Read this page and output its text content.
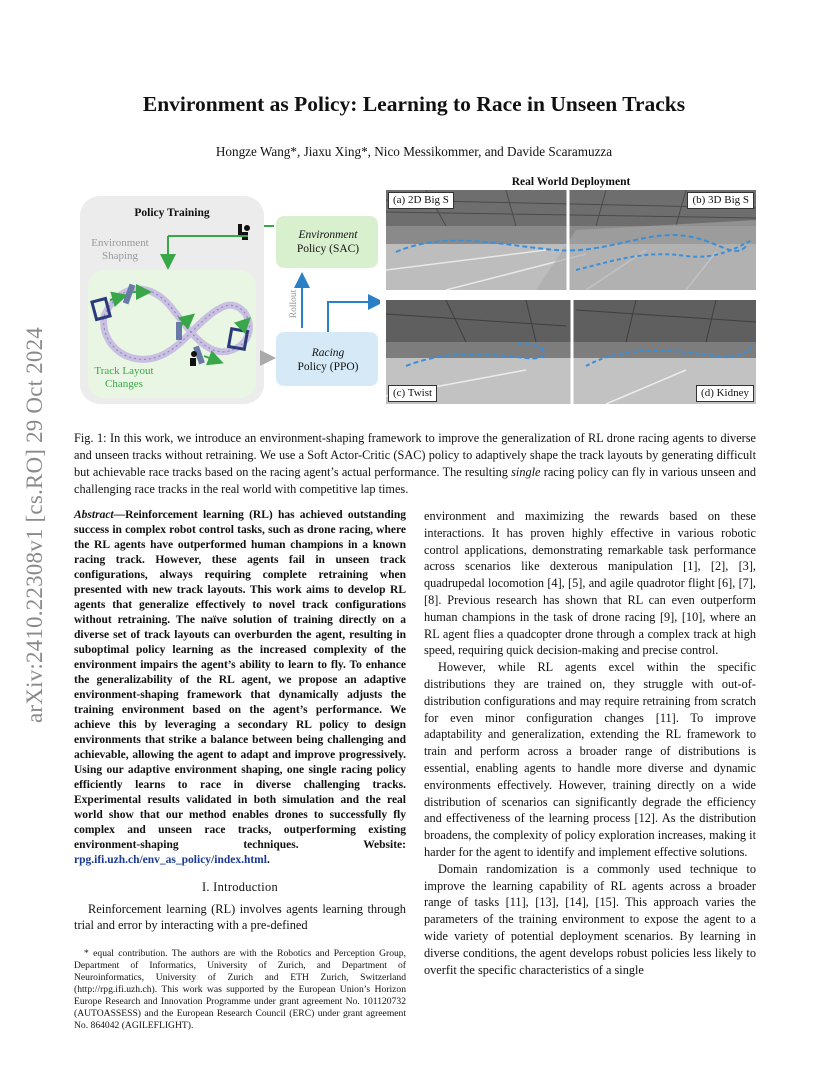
arXiv:2410.22308v1 [cs.RO] 29 Oct 2024
Environment as Policy: Learning to Race in Unseen Tracks
Hongze Wang*, Jiaxu Xing*, Nico Messikommer, and Davide Scaramuzza
Policy Training
Environment
Shaping
Environment
Policy (SAC)
Racing
Policy (PPO)
Track Layout
Changes
Rollout
Real World Deployment
(a) 2D Big S	(b) 3D Big S
(c) Twist	(d) Kidney
Fig. 1: In this work, we introduce an environment-shaping framework to improve the generalization of RL drone racing agents to diverse and unseen tracks without retraining. We use a Soft Actor-Critic (SAC) policy to adaptively shape the track layouts by generating difficult but achievable race tracks based on the racing agent’s actual performance. The resulting single racing policy can fly in various unseen and challenging race tracks in the real world with competitive lap times.
Abstract—Reinforcement learning (RL) has achieved outstanding success in complex robot control tasks, such as drone racing, where the RL agents have outperformed human champions in a known racing track. However, these agents fail in unseen track configurations, always requiring complete retraining when presented with new track layouts. This work aims to develop RL agents that generalize effectively to novel track configurations without retraining. The naïve solution of training directly on a diverse set of track layouts can overburden the agent, resulting in suboptimal policy learning as the increased complexity of the environment impairs the agent’s ability to learn to fly. To enhance the generalizability of the RL agent, we propose an adaptive environment-shaping framework that dynamically adjusts the training environment based on the agent’s performance. We achieve this by leveraging a secondary RL policy to design environments that strike a balance between being challenging and achievable, allowing the agent to adapt and improve progressively. Using our adaptive environment shaping, one single racing policy efficiently learns to race in diverse challenging tracks. Experimental results validated in both simulation and the real world show that our method enables drones to successfully fly complex and unseen race tracks, outperforming existing environment-shaping techniques. Website: rpg.ifi.uzh.ch/env_as_policy/index.html.
I. Introduction

Reinforcement learning (RL) involves agents learning through trial and error by interacting with a pre-defined

* equal contribution. The authors are with the Robotics and Perception Group, Department of Informatics, University of Zurich, and Department of Neuroinformatics, University of Zurich and ETH Zurich, Switzerland (http://rpg.ifi.uzh.ch). This work was supported by the European Union’s Horizon Europe Research and Innovation Programme under grant agreement No. 101120732 (AUTOASSESS) and the European Research Council (ERC) under grant agreement No. 864042 (AGILEFLIGHT).

environment and maximizing the rewards based on these interactions. It has proven highly effective in various robotic control applications, demonstrating remarkable task performance across scenarios like dexterous manipulation [1], [2], [3], quadrupedal locomotion [4], [5], and agile quadrotor flight [6], [7], [8]. Previous research has shown that RL can even outperform human champions in the task of drone racing [9], [10], where an RL agent flies a quadcopter drone through a complex track at high speed, requiring quick decision-making and precise control.

However, while RL agents excel within the specific distributions they are trained on, they struggle with out-of-distribution configurations and may require retraining from scratch for even minor configuration changes [11]. To improve adaptability and generalization, extending the RL framework to train and perform across a broader range of distributions is essential, enabling agents to handle more diverse and dynamic environments effectively. However, training directly on a wide distribution of scenarios can significantly degrade the efficiency and effectiveness of the learning process [12]. As the distribution broadens, the complexity of policy exploration increases, making it harder for the agent to identify and implement effective solutions.

Domain randomization is a commonly used technique to improve the learning capability of RL agents across a broader range of tasks [11], [13], [14], [15]. This approach varies the parameters of the training environment to expose the agent to a wide variety of potential deployment scenarios. By learning in diverse conditions, the agent develops robust policies less likely to overfit the specific characteristics of a single
